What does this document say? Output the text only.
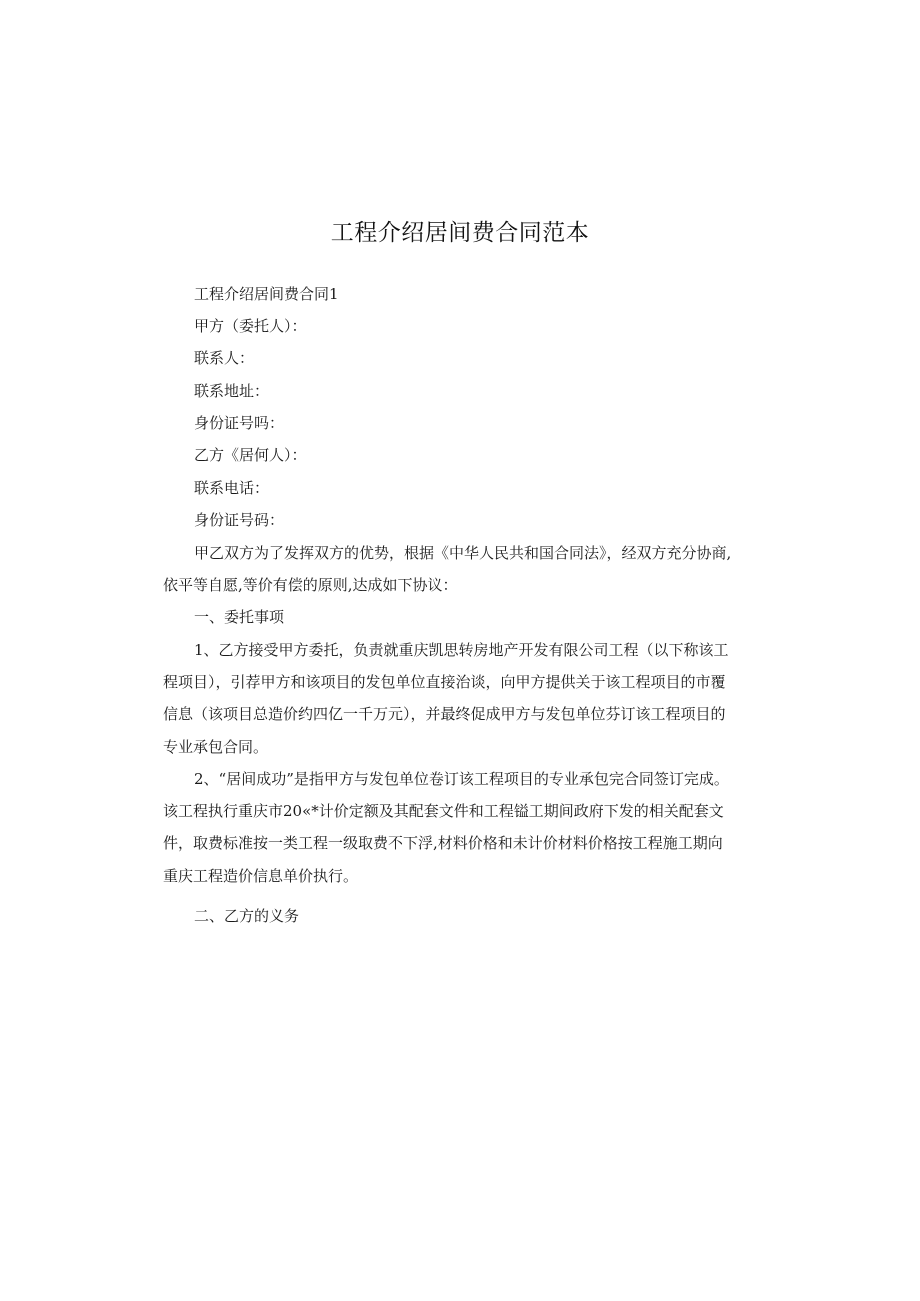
工程介绍居间费合同范本
工程介绍居间费合同1
甲方（委托人）：
联系人：
联系地址：
身份证号吗：
乙方《居何人）：
联系电话：
身份证号码：
甲乙双方为了发挥双方的优势，根据《中华人民共和国合同法》，经双方充分协商,
依平等自愿,等价有偿的原则,达成如下协议：
一、委托事项
1、乙方接受甲方委托，负责就重庆凯思转房地产开发有限公司工程（以下称该工
程项目），引荐甲方和该项目的发包单位直接治谈，向甲方提供关于该工程项目的市覆
信息（该项目总造价约四亿一千万元），并最终促成甲方与发包单位芬订该工程项目的
专业承包合同。
2、“居间成功”是指甲方与发包单位卷订该工程项目的专业承包完合同签订完成。
该工程执行重庆市20«*计价定额及其配套文件和工程镒工期间政府下发的相关配套文
件，取费标准按一类工程一级取费不下浮,材料价格和未计价材料价格按工程施工期向
重庆工程造价信息单价执行。
二、乙方的义务
